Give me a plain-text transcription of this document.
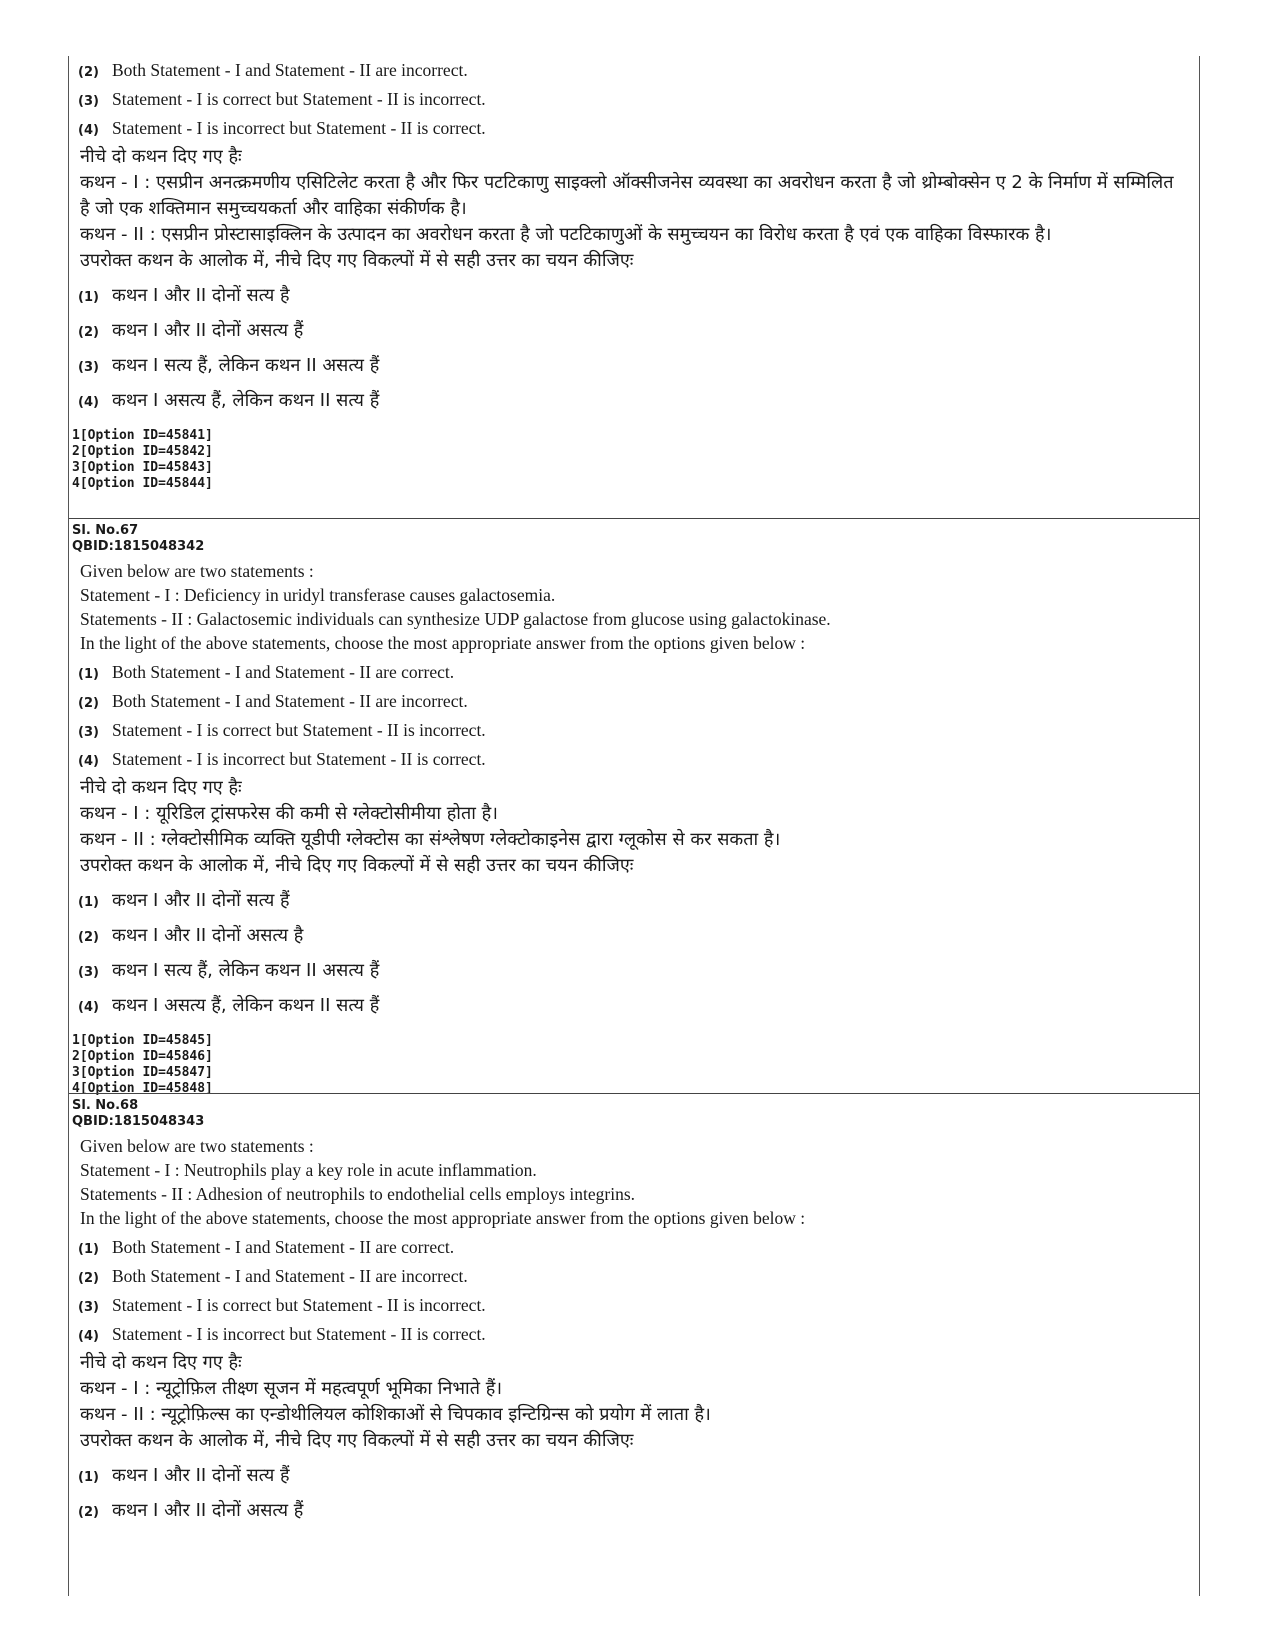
(2) Both Statement - I and Statement - II are incorrect.
(3) Statement - I is correct but Statement - II is incorrect.
(4) Statement - I is incorrect but Statement - II is correct.
नीचे दो कथन दिए गए हैः
कथन - I : एसप्रीन अनत्क्रमणीय एसिटिलेट करता है और फिर पटटिकाणु साइक्लो ऑक्सीजनेस व्यवस्था का अवरोधन करता है जो थ्रोम्बोक्सेन ए 2 के निर्माण में सम्मिलित है जो एक शक्तिमान समुच्चयकर्ता और वाहिका संकीर्णक है।
कथन - II : एसप्रीन प्रोस्टासाइक्लिन के उत्पादन का अवरोधन करता है जो पटटिकाणुओं के समुच्चयन का विरोध करता है एवं एक वाहिका विस्फारक है।
उपरोक्त कथन के आलोक में, नीचे दिए गए विकल्पों में से सही उत्तर का चयन कीजिएः
(1) कथन I और II दोनों सत्य है
(2) कथन I और II दोनों असत्य हैं
(3) कथन I सत्य हैं, लेकिन कथन II असत्य हैं
(4) कथन I असत्य हैं, लेकिन कथन II सत्य हैं
1[Option ID=45841]
2[Option ID=45842]
3[Option ID=45843]
4[Option ID=45844]
Sl. No.67
QBID:1815048342
Given below are two statements :
Statement - I : Deficiency in uridyl transferase causes galactosemia.
Statements - II : Galactosemic individuals can synthesize UDP galactose from glucose using galactokinase.
In the light of the above statements, choose the most appropriate answer from the options given below :
(1) Both Statement - I and Statement - II are correct.
(2) Both Statement - I and Statement - II are incorrect.
(3) Statement - I is correct but Statement - II is incorrect.
(4) Statement - I is incorrect but Statement - II is correct.
नीचे दो कथन दिए गए हैः
कथन - I : यूरिडिल ट्रांसफरेस की कमी से ग्लेक्टोसीमीया होता है।
कथन - II : ग्लेक्टोसीमिक व्यक्ति यूडीपी ग्लेक्टोस का संश्लेषण ग्लेक्टोकाइनेस द्वारा ग्लूकोस से कर सकता है।
उपरोक्त कथन के आलोक में, नीचे दिए गए विकल्पों में से सही उत्तर का चयन कीजिएः
(1) कथन I और II दोनों सत्य हैं
(2) कथन I और II दोनों असत्य है
(3) कथन I सत्य हैं, लेकिन कथन II असत्य हैं
(4) कथन I असत्य हैं, लेकिन कथन II सत्य हैं
1[Option ID=45845]
2[Option ID=45846]
3[Option ID=45847]
4[Option ID=45848]
Sl. No.68
QBID:1815048343
Given below are two statements :
Statement - I : Neutrophils play a key role in acute inflammation.
Statements - II : Adhesion of neutrophils to endothelial cells employs integrins.
In the light of the above statements, choose the most appropriate answer from the options given below :
(1) Both Statement - I and Statement - II are correct.
(2) Both Statement - I and Statement - II are incorrect.
(3) Statement - I is correct but Statement - II is incorrect.
(4) Statement - I is incorrect but Statement - II is correct.
नीचे दो कथन दिए गए हैः
कथन - I : न्यूट्रोफ़िल तीक्ष्ण सूजन में महत्वपूर्ण भूमिका निभाते हैं।
कथन - II : न्यूट्रोफ़िल्स का एन्डोथीलियल कोशिकाओं से चिपकाव इन्टिग्रिन्स को प्रयोग में लाता है।
उपरोक्त कथन के आलोक में, नीचे दिए गए विकल्पों में से सही उत्तर का चयन कीजिएः
(1) कथन I और II दोनों सत्य हैं
(2) कथन I और II दोनों असत्य हैं
